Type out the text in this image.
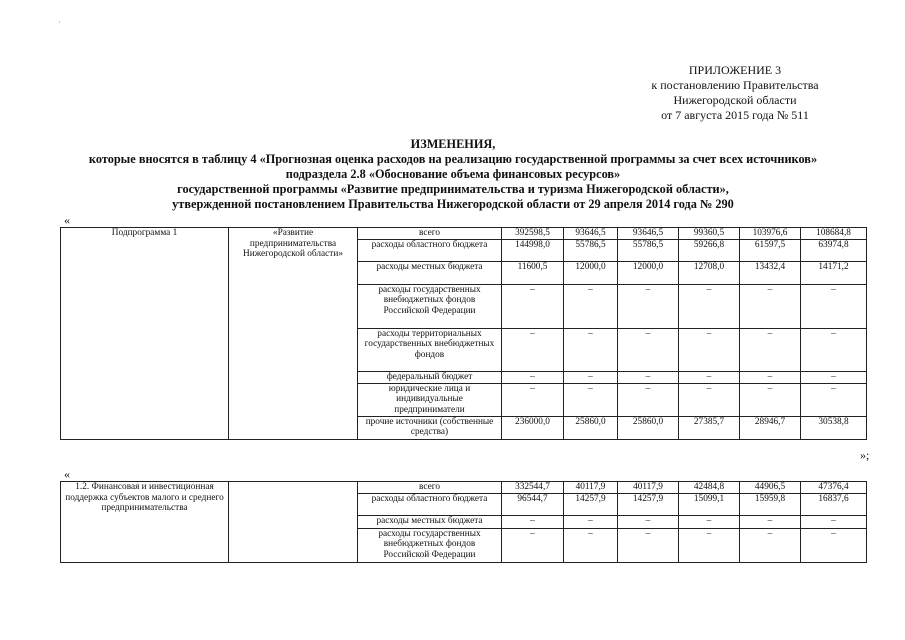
·
ПРИЛОЖЕНИЕ 3
к постановлению Правительства
Нижегородской области
от 7 августа 2015 года № 511
ИЗМЕНЕНИЯ,
которые вносятся в таблицу 4 «Прогнозная оценка расходов на реализацию государственной программы за счет всех источников»
подраздела 2.8 «Обоснование объема финансовых ресурсов»
государственной программы «Развитие предпринимательства и туризма Нижегородской области»,
утвержденной постановлением Правительства Нижегородской области от 29 апреля 2014 года № 290
«
Подпрограмма 1	«Развитие предпринимательства Нижегородской области»	всего	392598,5	93646,5	93646,5	99360,5	103976,6	108684,8
		расходы областного бюджета	144998,0	55786,5	55786,5	59266,8	61597,5	63974,8
		расходы местных бюджета	11600,5	12000,0	12000,0	12708,0	13432,4	14171,2
		расходы государственных внебюджетных фондов Российской Федерации	–	–	–	–	–	–
		расходы территориальных государственных внебюджетных фондов	–	–	–	–	–	–
		федеральный бюджет	–	–	–	–	–	–
		юридические лица и индивидуальные предприниматели	–	–	–	–	–	–
		прочие источники (собственные средства)	236000,0	25860,0	25860,0	27385,7	28946,7	30538,8
»;
«
1.2. Финансовая и инвестиционная поддержка субъектов малого и среднего предпринимательства		всего	332544,7	40117,9	40117,9	42484,8	44906,5	47376,4
		расходы областного бюджета	96544,7	14257,9	14257,9	15099,1	15959,8	16837,6
		расходы местных бюджета	–	–	–	–	–	–
		расходы государственных внебюджетных фондов Российской Федерации	–	–	–	–	–	–
